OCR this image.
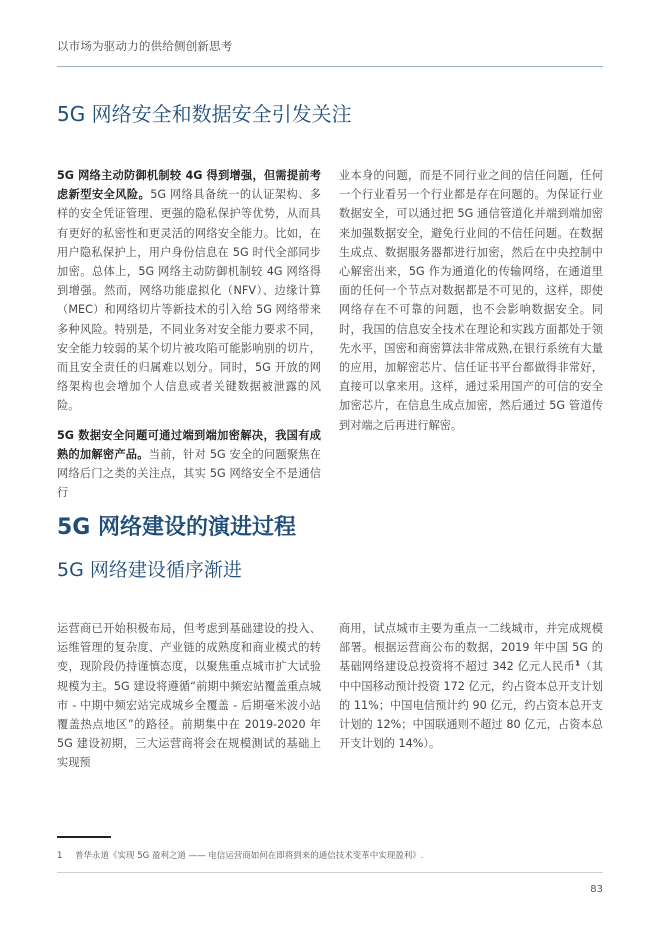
以市场为驱动力的供给侧创新思考
5G 网络安全和数据安全引发关注

5G 网络主动防御机制较 4G 得到增强，但需提前考虑新型安全风险。5G 网络具备统一的认证架构、多样的安全凭证管理、更强的隐私保护等优势，从而具有更好的私密性和更灵活的网络安全能力。比如，在用户隐私保护上，用户身份信息在 5G 时代全部同步加密。总体上，5G 网络主动防御机制较 4G 网络得到增强。然而，网络功能虚拟化（NFV）、边缘计算（MEC）和网络切片等新技术的引入给 5G 网络带来多种风险。特别是，不同业务对安全能力要求不同，安全能力较弱的某个切片被攻陷可能影响别的切片，而且安全责任的归属难以划分。同时，5G 开放的网络架构也会增加个人信息或者关键数据被泄露的风险。

5G 数据安全问题可通过端到端加密解决，我国有成熟的加解密产品。当前，针对 5G 安全的问题聚焦在网络后门之类的关注点，其实 5G 网络安全不是通信行

业本身的问题，而是不同行业之间的信任问题，任何一个行业看另一个行业都是存在问题的。为保证行业数据安全，可以通过把 5G 通信管道化并端到端加密来加强数据安全，避免行业间的不信任问题。在数据生成点、数据服务器都进行加密，然后在中央控制中心解密出来，5G 作为通道化的传输网络，在通道里面的任何一个节点对数据都是不可见的，这样，即使网络存在不可靠的问题，也不会影响数据安全。同时，我国的信息安全技术在理论和实践方面都处于领先水平，国密和商密算法非常成熟,在银行系统有大量的应用，加解密芯片、信任证书平台都做得非常好，直接可以拿来用。这样，通过采用国产的可信的安全加密芯片，在信息生成点加密，然后通过 5G 管道传到对端之后再进行解密。

5G 网络建设的演进过程
5G 网络建设循序渐进

运营商已开始积极布局，但考虑到基础建设的投入、运维管理的复杂度、产业链的成熟度和商业模式的转变，现阶段仍持谨慎态度，以聚焦重点城市扩大试验规模为主。5G 建设将遵循“前期中频宏站覆盖重点城市 - 中期中频宏站完成城乡全覆盖 - 后期毫米波小站覆盖热点地区”的路径。前期集中在 2019-2020 年 5G 建设初期，三大运营商将会在规模测试的基础上实现预

商用，试点城市主要为重点一二线城市，并完成规模部署。根据运营商公布的数据，2019 年中国 5G 的基础网络建设总投资将不超过 342 亿元人民币$^1$（其中中国移动预计投资 172 亿元，约占资本总开支计划的 11%；中国电信预计约 90 亿元，约占资本总开支计划的 12%；中国联通则不超过 80 亿元，占资本总开支计划的 14%）。

1 普华永道《实现 5G 盈利之道 —— 电信运营商如何在即将到来的通信技术变革中实现盈利》.
83
